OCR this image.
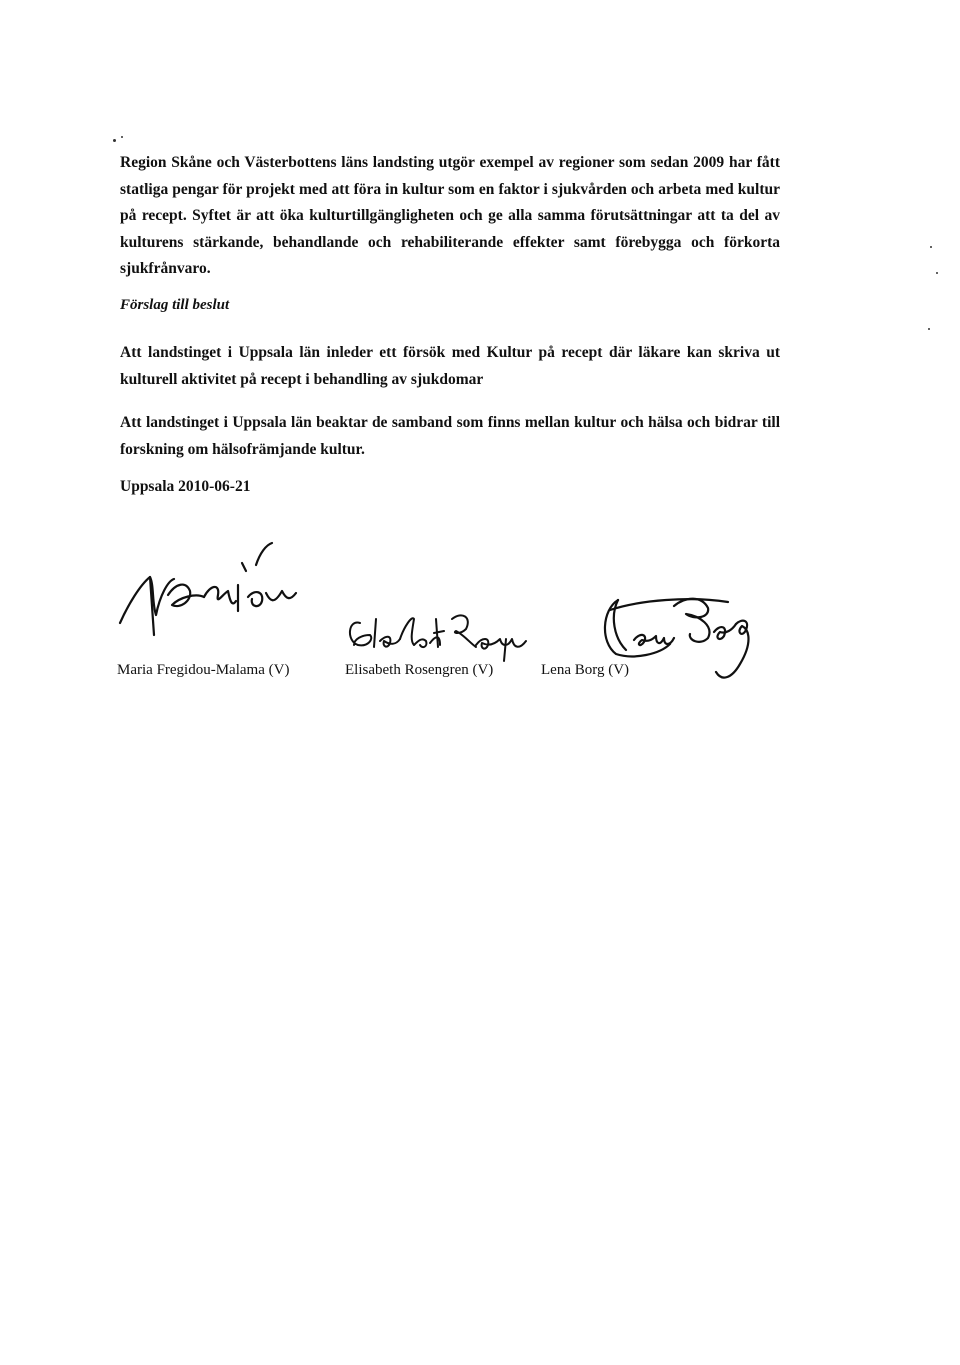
Region Skåne och Västerbottens läns landsting utgör exempel av regioner som sedan 2009 har fått statliga pengar för projekt med att föra in kultur som en faktor i sjukvården och arbeta med kultur på recept. Syftet är att öka kulturtillgängligheten och ge alla samma förutsättningar att ta del av kulturens stärkande, behandlande och rehabiliterande effekter samt förebygga och förkorta sjukfrånvaro.

Förslag till beslut

Att landstinget i Uppsala län inleder ett försök med Kultur på recept där läkare kan skriva ut kulturell aktivitet på recept i behandling av sjukdomar

Att landstinget i Uppsala län beaktar de samband som finns mellan kultur och hälsa och bidrar till forskning om hälsofrämjande kultur.

Uppsala 2010-06-21

Maria Fregidou-Malama (V)	Elisabeth Rosengren (V)	Lena Borg (V)
